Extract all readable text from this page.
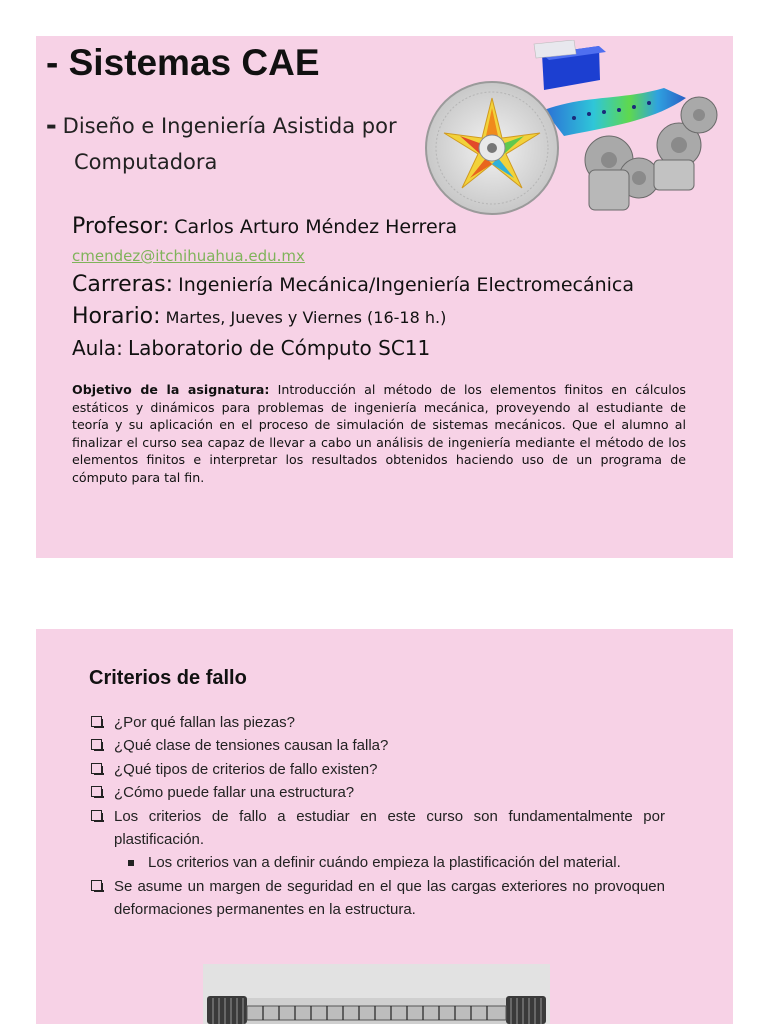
- Sistemas CAE
- Diseño e Ingeniería Asistida por
Computadora
Profesor: Carlos Arturo Méndez Herrera
cmendez@itchihuahua.edu.mx
Carreras: Ingeniería Mecánica/Ingeniería Electromecánica
Horario: Martes, Jueves y Viernes (16-18 h.)
Aula: Laboratorio de Cómputo SC11
Objetivo de la asignatura: Introducción al método de los elementos finitos en cálculos estáticos y dinámicos para problemas de ingeniería mecánica, proveyendo al estudiante de teoría y su aplicación en el proceso de simulación de sistemas mecánicos. Que el alumno al finalizar el curso sea capaz de llevar a cabo un análisis de ingeniería mediante el método de los elementos finitos e interpretar los resultados obtenidos haciendo uso de un programa de cómputo para tal fin.
Criterios de fallo
¿Por qué fallan las piezas?
¿Qué clase de tensiones causan la falla?
¿Qué tipos de criterios de fallo existen?
¿Cómo puede fallar una estructura?
Los criterios de fallo a estudiar en este curso son fundamentalmente por plastificación.
Los criterios van a definir cuándo empieza la plastificación del material.
Se asume un margen de seguridad en el que las cargas exteriores no provoquen deformaciones permanentes en la estructura.
